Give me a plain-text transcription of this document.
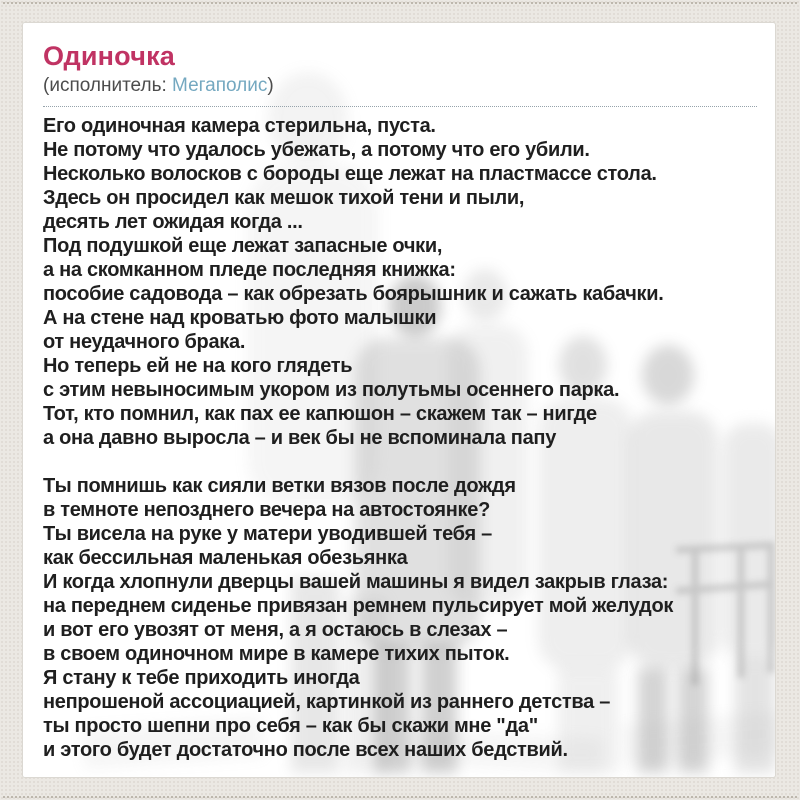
Одиночка
(исполнитель: Мегаполис)
Его одиночная камера стерильна, пуста.
Не потому что удалось убежать, а потому что его убили.
Несколько волосков с бороды еще лежат на пластмассе стола.
Здесь он просидел как мешок тихой тени и пыли,
десять лет ожидая когда ...
Под подушкой еще лежат запасные очки,
а на скомканном пледе последняя книжка:
пособие садовода – как обрезать боярышник и сажать кабачки.
А на стене над кроватью фото малышки
от неудачного брака.
Но теперь ей не на кого глядеть
с этим невыносимым укором из полутьмы осеннего парка.
Тот, кто помнил, как пах ее капюшон – скажем так – нигде
а она давно выросла – и век бы не вспоминала папу
Ты помнишь как сияли ветки вязов после дождя
в темноте непозднего вечера на автостоянке?
Ты висела на руке у матери уводившей тебя –
как бессильная маленькая обезьянка
И когда хлопнули дверцы вашей машины я видел закрыв глаза:
на переднем сиденье привязан ремнем пульсирует мой желудок
и вот его увозят от меня, а я остаюсь в слезах –
в своем одиночном мире в камере тихих пыток.
Я стану к тебе приходить иногда
непрошеной ассоциацией, картинкой из раннего детства –
ты просто шепни про себя – как бы скажи мне "да"
и этого будет достаточно после всех наших бедствий.
